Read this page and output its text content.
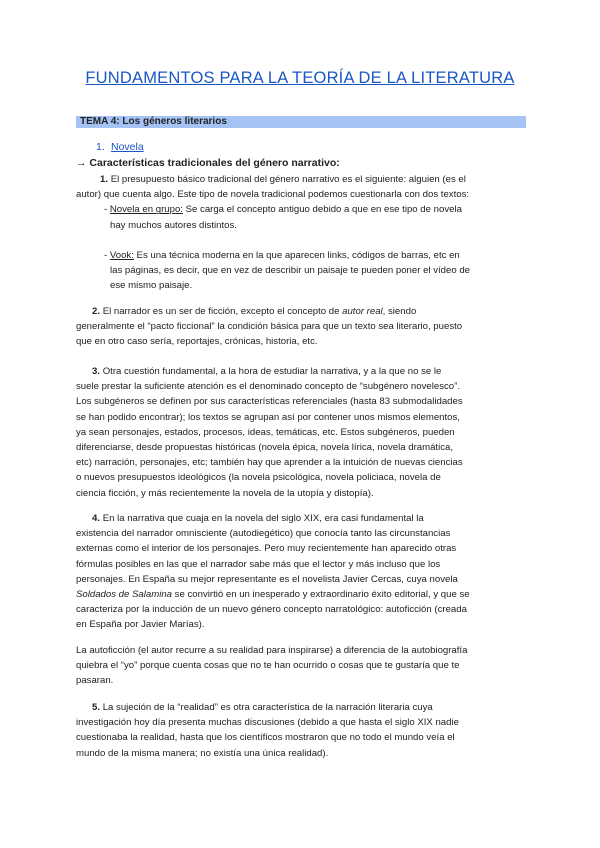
FUNDAMENTOS PARA LA TEORÍA DE LA LITERATURA
TEMA 4: Los géneros literarios
1. Novela
→ Características tradicionales del género narrativo:
1. El presupuesto básico tradicional del género narrativo es el siguiente: alguien (es el
autor) que cuenta algo. Este tipo de novela tradicional podemos cuestionarla con dos textos:
- Novela en grupo: Se carga el concepto antiguo debido a que en ese tipo de novela
hay muchos autores distintos.
- Vook: Es una técnica moderna en la que aparecen links, códigos de barras, etc en
las páginas, es decir, que en vez de describir un paisaje te pueden poner el vídeo de
ese mismo paisaje.
2. El narrador es un ser de ficción, excepto el concepto de autor real, siendo
generalmente el “pacto ficcional” la condición básica para que un texto sea literario, puesto
que en otro caso sería, reportajes, crónicas, historia, etc.
3. Otra cuestión fundamental, a la hora de estudiar la narrativa, y a la que no se le
suele prestar la suficiente atención es el denominado concepto de “subgénero novelesco”.
Los subgéneros se definen por sus características referenciales (hasta 83 submodalidades
se han podido encontrar); los textos se agrupan así por contener unos mismos elementos,
ya sean personajes, estados, procesos, ideas, temáticas, etc. Estos subgéneros, pueden
diferenciarse, desde propuestas históricas (novela épica, novela lírica, novela dramática,
etc) narración, personajes, etc; también hay que aprender a la intuición de nuevas ciencias
o nuevos presupuestos ideológicos (la novela psicológica, novela policiaca, novela de
ciencia ficción, y más recientemente la novela de la utopía y distopía).
4. En la narrativa que cuaja en la novela del siglo XIX, era casi fundamental la
existencia del narrador omnisciente (autodiegético) que conocía tanto las circunstancias
externas como el interior de los personajes. Pero muy recientemente han aparecido otras
fórmulas posibles en las que el narrador sabe más que el lector y más incluso que los
personajes. En España su mejor representante es el novelista Javier Cercas, cuya novela
Soldados de Salamina se convirtió en un inesperado y extraordinario éxito editorial, y que se
caracteriza por la inducción de un nuevo género concepto narratológico: autoficción (creada
en España por Javier Marías).
La autoficción (el autor recurre a su realidad para inspirarse) a diferencia de la autobiografía
quiebra el “yo” porque cuenta cosas que no te han ocurrido o cosas que te gustaría que te
pasaran.
5. La sujeción de la “realidad” es otra característica de la narración literaria cuya
investigación hoy día presenta muchas discusiones (debido a que hasta el siglo XIX nadie
cuestionaba la realidad, hasta que los científicos mostraron que no todo el mundo veía el
mundo de la misma manera; no existía una única realidad).
